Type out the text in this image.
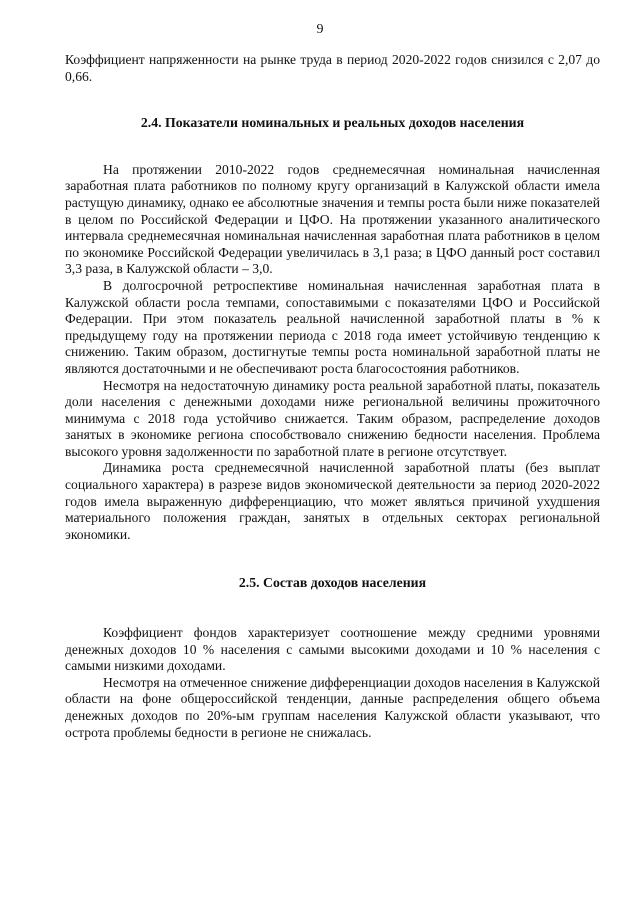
9

Коэффициент напряженности на рынке труда в период 2020-2022 годов снизился с 2,07 до 0,66.

2.4. Показатели номинальных и реальных доходов населения

На протяжении 2010-2022 годов среднемесячная номинальная начисленная заработная плата работников по полному кругу организаций в Калужской области имела растущую динамику, однако ее абсолютные значения и темпы роста были ниже показателей в целом по Российской Федерации и ЦФО. На протяжении указанного аналитического интервала среднемесячная номинальная начисленная заработная плата работников в целом по экономике Российской Федерации увеличилась в 3,1 раза; в ЦФО данный рост составил 3,3 раза, в Калужской области – 3,0.

В долгосрочной ретроспективе номинальная начисленная заработная плата в Калужской области росла темпами, сопоставимыми с показателями ЦФО и Российской Федерации. При этом показатель реальной начисленной заработной платы в % к предыдущему году на протяжении периода с 2018 года имеет устойчивую тенденцию к снижению. Таким образом, достигнутые темпы роста номинальной заработной платы не являются достаточными и не обеспечивают роста благосостояния работников.

Несмотря на недостаточную динамику роста реальной заработной платы, показатель доли населения с денежными доходами ниже региональной величины прожиточного минимума с 2018 года устойчиво снижается. Таким образом, распределение доходов занятых в экономике региона способствовало снижению бедности населения. Проблема высокого уровня задолженности по заработной плате в регионе отсутствует.

Динамика роста среднемесячной начисленной заработной платы (без выплат социального характера) в разрезе видов экономической деятельности за период 2020-2022 годов имела выраженную дифференциацию, что может являться причиной ухудшения материального положения граждан, занятых в отдельных секторах региональной экономики.

2.5. Состав доходов населения

Коэффициент фондов характеризует соотношение между средними уровнями денежных доходов 10 % населения с самыми высокими доходами и 10 % населения с самыми низкими доходами.

Несмотря на отмеченное снижение дифференциации доходов населения в Калужской области на фоне общероссийской тенденции, данные распределения общего объема денежных доходов по 20%-ым группам населения Калужской области указывают, что острота проблемы бедности в регионе не снижалась.
